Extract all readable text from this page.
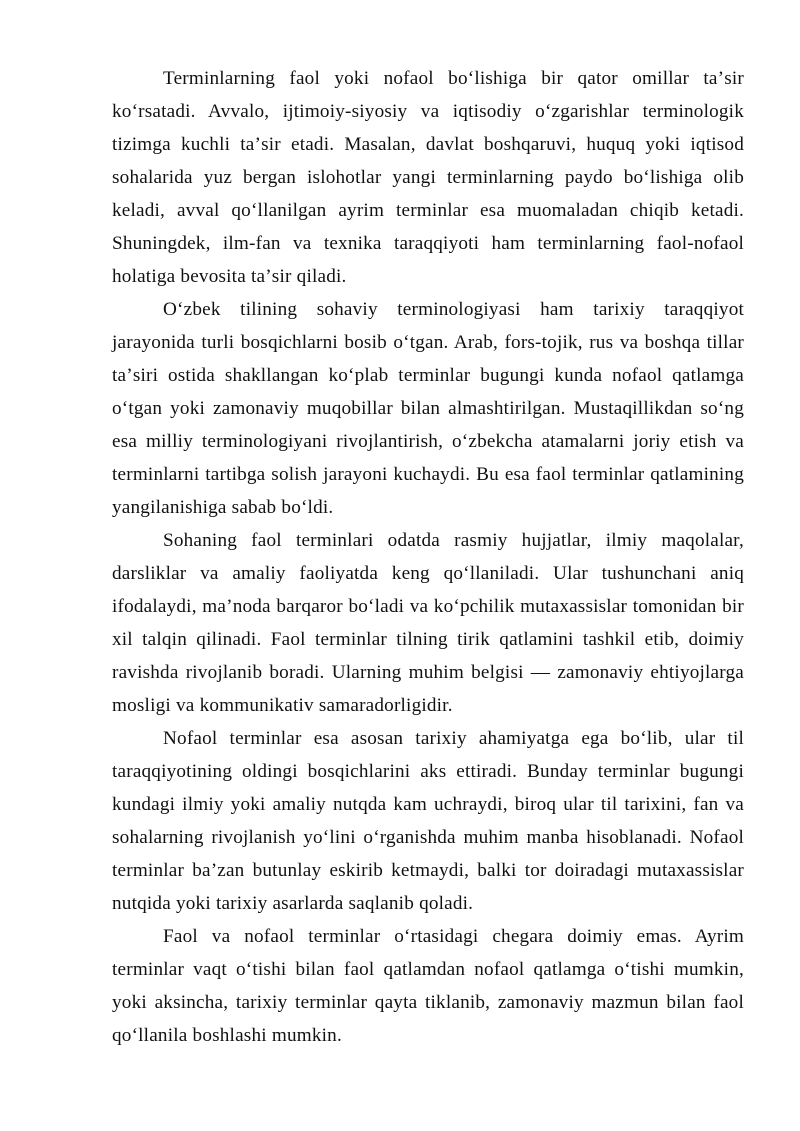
Terminlarning faol yoki nofaol boʻlishiga bir qator omillar taʼsir koʻrsatadi. Avvalo, ijtimoiy-siyosiy va iqtisodiy oʻzgarishlar terminologik tizimga kuchli taʼsir etadi. Masalan, davlat boshqaruvi, huquq yoki iqtisod sohalarida yuz bergan islohotlar yangi terminlarning paydo boʻlishiga olib keladi, avval qoʻllanilgan ayrim terminlar esa muomaladan chiqib ketadi. Shuningdek, ilm-fan va texnika taraqqiyoti ham terminlarning faol-nofaol holatiga bevosita taʼsir qiladi.

Oʻzbek tilining sohaviy terminologiyasi ham tarixiy taraqqiyot jarayonida turli bosqichlarni bosib oʻtgan. Arab, fors-tojik, rus va boshqa tillar taʼsiri ostida shakllangan koʻplab terminlar bugungi kunda nofaol qatlamga oʻtgan yoki zamonaviy muqobillar bilan almashtirilgan. Mustaqillikdan soʻng esa milliy terminologiyani rivojlantirish, oʻzbekcha atamalarni joriy etish va terminlarni tartibga solish jarayoni kuchaydi. Bu esa faol terminlar qatlamining yangilanishiga sabab boʻldi.

Sohaning faol terminlari odatda rasmiy hujjatlar, ilmiy maqolalar, darsliklar va amaliy faoliyatda keng qoʻllaniladi. Ular tushunchani aniq ifodalaydi, maʼnoda barqaror boʻladi va koʻpchilik mutaxassislar tomonidan bir xil talqin qilinadi. Faol terminlar tilning tirik qatlamini tashkil etib, doimiy ravishda rivojlanib boradi. Ularning muhim belgisi — zamonaviy ehtiyojlarga mosligi va kommunikativ samaradorligidir.

Nofaol terminlar esa asosan tarixiy ahamiyatga ega boʻlib, ular til taraqqiyotining oldingi bosqichlarini aks ettiradi. Bunday terminlar bugungi kundagi ilmiy yoki amaliy nutqda kam uchraydi, biroq ular til tarixini, fan va sohalarning rivojlanish yoʻlini oʻrganishda muhim manba hisoblanadi. Nofaol terminlar baʼzan butunlay eskirib ketmaydi, balki tor doiradagi mutaxassislar nutqida yoki tarixiy asarlarda saqlanib qoladi.

Faol va nofaol terminlar oʻrtasidagi chegara doimiy emas. Ayrim terminlar vaqt oʻtishi bilan faol qatlamdan nofaol qatlamga oʻtishi mumkin, yoki aksincha, tarixiy terminlar qayta tiklanib, zamonaviy mazmun bilan faol qoʻllanila boshlashi mumkin.
